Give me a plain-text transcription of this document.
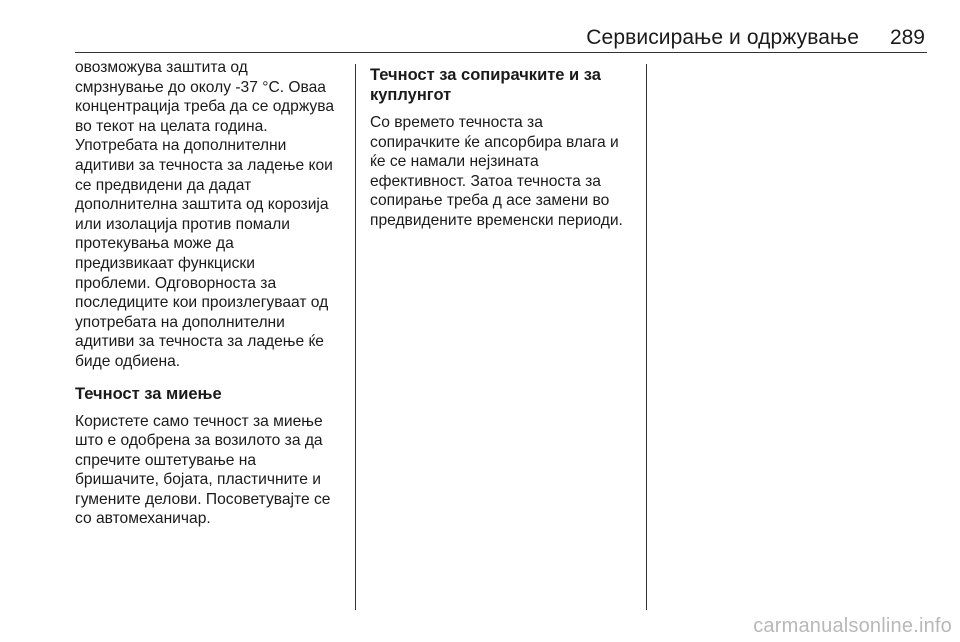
Сервисирање и одржување 289
овозможува заштита од
смрзнување до околу -37 °C. Оваа
концентрација треба да се одржува
во текот на целата година.
Употребата на дополнителни
адитиви за течноста за ладење кои
се предвидени да дадат
дополнителна заштита од корозија
или изолација против помали
протекувања може да
предизвикаат функциски
проблеми. Одговорноста за
последиците кои произлегуваат од
употребата на дополнителни
адитиви за течноста за ладење ќе
биде одбиена.
Течност за миење
Користете само течност за миење
што е одобрена за возилото за да
спречите оштетување на
бришачите, бојата, пластичните и
гумените делови. Посоветувајте се
со автомеханичар.
Течност за сопирачките и за
куплунгот
Со времето течноста за
сопирачките ќе апсорбира влага и
ќе се намали нејзината
ефективност. Затоа течноста за
сопирање треба д асе замени во
предвидените временски периоди.
carmanualsonline.info
